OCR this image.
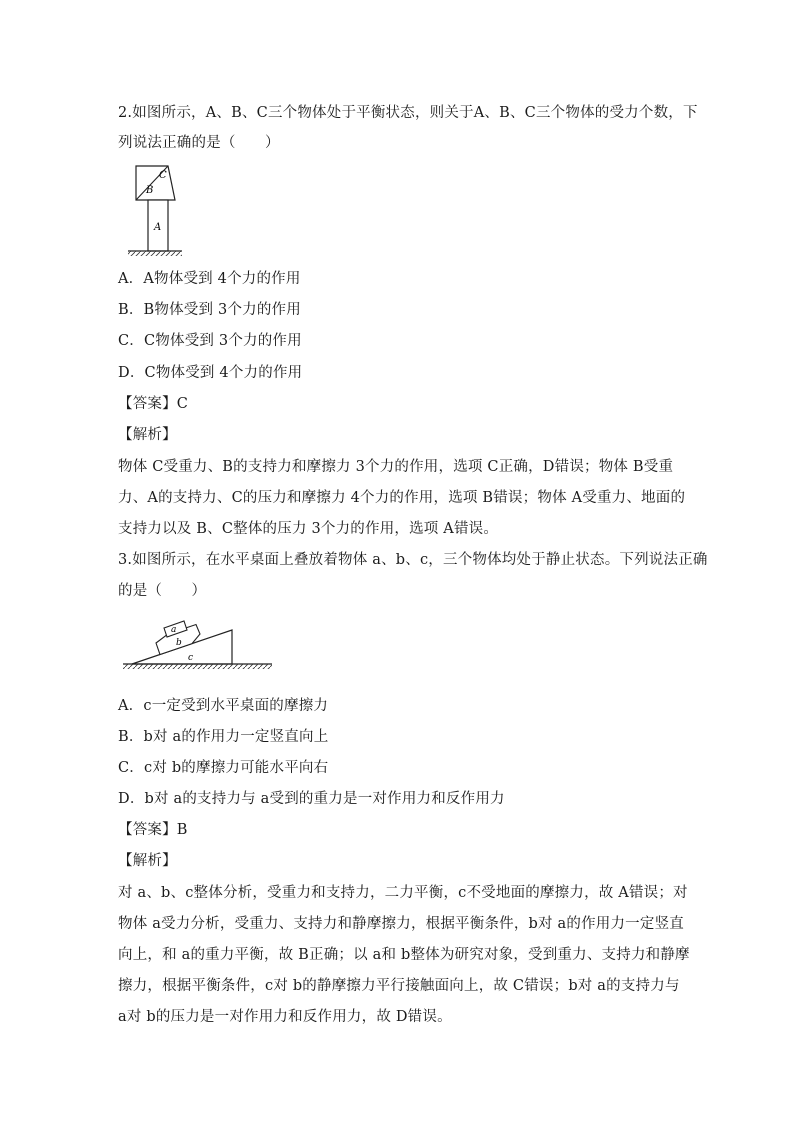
2.如图所示，A、B、C三个物体处于平衡状态，则关于A、B、C三个物体的受力个数，下
列说法正确的是（　　）
C
B
A
A．A物体受到 4个力的作用
B．B物体受到 3个力的作用
C．C物体受到 3个力的作用
D．C物体受到 4个力的作用
【答案】C
【解析】
物体 C受重力、B的支持力和摩擦力 3个力的作用，选项 C正确，D错误；物体 B受重
力、A的支持力、C的压力和摩擦力 4个力的作用，选项 B错误；物体 A受重力、地面的
支持力以及 B、C整体的压力 3个力的作用，选项 A错误。
3.如图所示，在水平桌面上叠放着物体 a、b、c，三个物体均处于静止状态。下列说法正确
的是（　　）
a
b
c
A．c一定受到水平桌面的摩擦力
B．b对 a的作用力一定竖直向上
C．c对 b的摩擦力可能水平向右
D．b对 a的支持力与 a受到的重力是一对作用力和反作用力
【答案】B
【解析】
对 a、b、c整体分析，受重力和支持力，二力平衡，c不受地面的摩擦力，故 A错误；对
物体 a受力分析，受重力、支持力和静摩擦力，根据平衡条件，b对 a的作用力一定竖直
向上，和 a的重力平衡，故 B正确；以 a和 b整体为研究对象，受到重力、支持力和静摩
擦力，根据平衡条件，c对 b的静摩擦力平行接触面向上，故 C错误；b对 a的支持力与
a对 b的压力是一对作用力和反作用力，故 D错误。
